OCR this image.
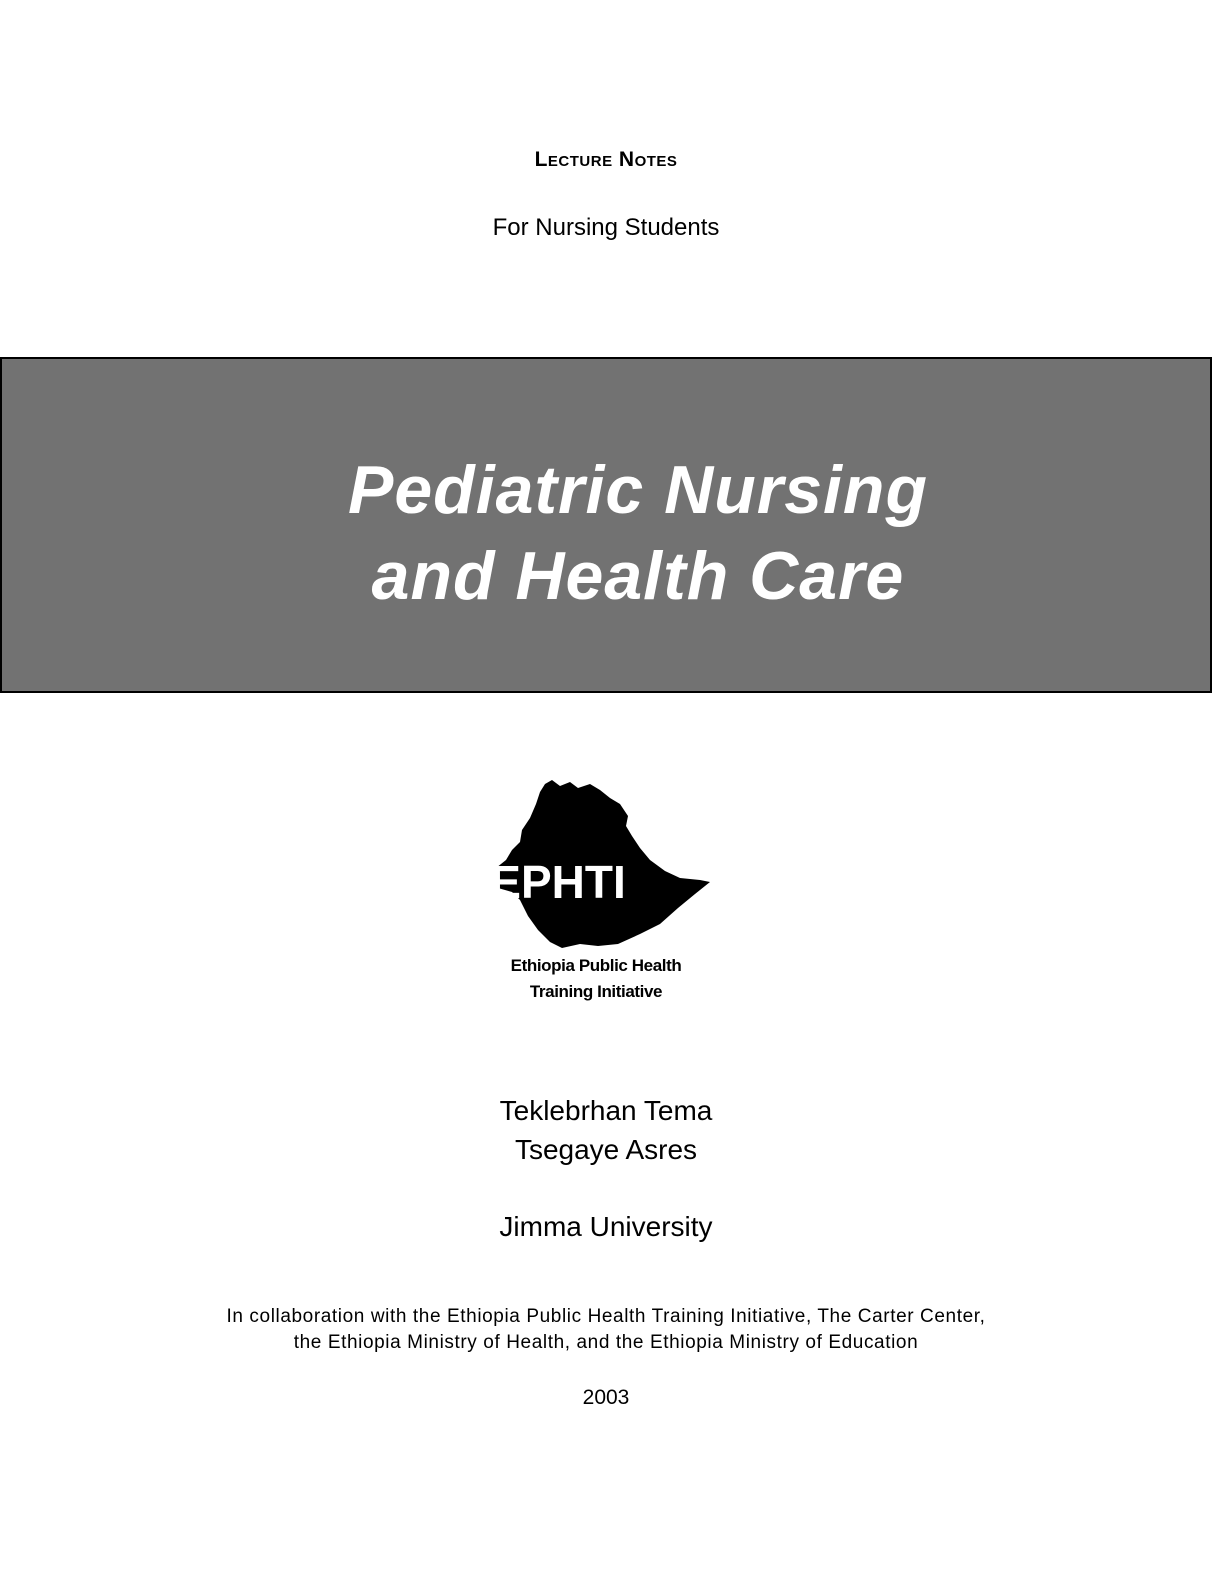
Lecture Notes
For Nursing Students
Pediatric Nursing
and Health Care
EPHTI
Ethiopia Public Health
Training Initiative
Teklebrhan Tema
Tsegaye Asres
Jimma University
In collaboration with the Ethiopia Public Health Training Initiative, The Carter Center,
the Ethiopia Ministry of Health, and the Ethiopia Ministry of Education
2003
